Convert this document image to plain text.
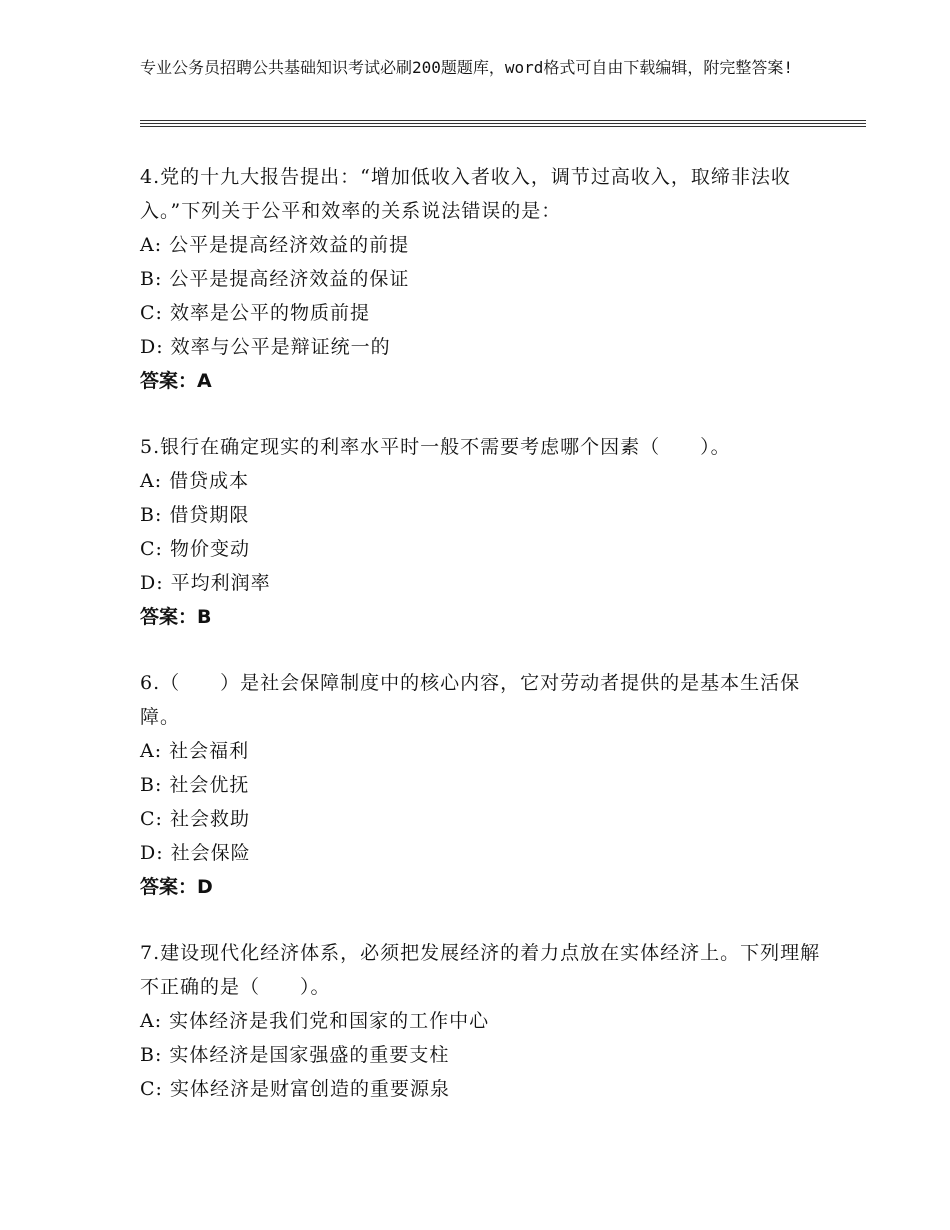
专业公务员招聘公共基础知识考试必刷200题题库，word格式可自由下载编辑，附完整答案!

4.党的十九大报告提出：“增加低收入者收入，调节过高收入，取缔非法收入。”下列关于公平和效率的关系说法错误的是：

A: 公平是提高经济效益的前提

B: 公平是提高经济效益的保证

C: 效率是公平的物质前提

D: 效率与公平是辩证统一的

答案：A

5.银行在确定现实的利率水平时一般不需要考虑哪个因素（　　）。

A: 借贷成本

B: 借贷期限

C: 物价变动

D: 平均利润率

答案：B

6.（　　）是社会保障制度中的核心内容，它对劳动者提供的是基本生活保障。

A: 社会福利

B: 社会优抚

C: 社会救助

D: 社会保险

答案：D

7.建设现代化经济体系，必须把发展经济的着力点放在实体经济上。下列理解不正确的是（　　）。

A: 实体经济是我们党和国家的工作中心

B: 实体经济是国家强盛的重要支柱

C: 实体经济是财富创造的重要源泉
